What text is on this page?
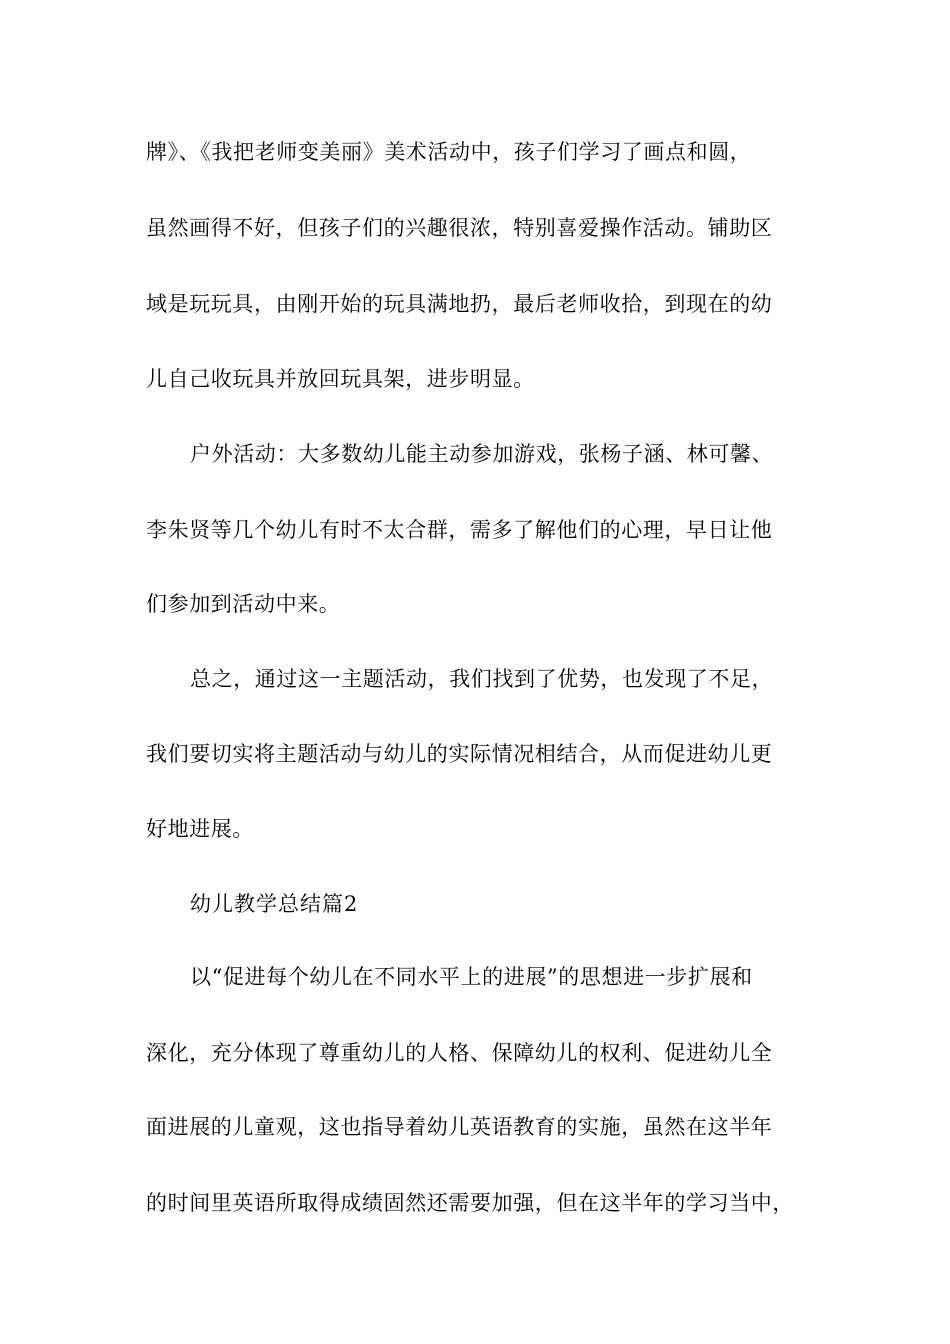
牌》、《我把老师变美丽》美术活动中，孩子们学习了画点和圆，
虽然画得不好，但孩子们的兴趣很浓，特别喜爱操作活动。铺助区
域是玩玩具，由刚开始的玩具满地扔，最后老师收拾，到现在的幼
儿自己收玩具并放回玩具架，进步明显。
户外活动：大多数幼儿能主动参加游戏，张杨子涵、林可馨、
李朱贤等几个幼儿有时不太合群，需多了解他们的心理，早日让他
们参加到活动中来。
总之，通过这一主题活动，我们找到了优势，也发现了不足，
我们要切实将主题活动与幼儿的实际情况相结合，从而促进幼儿更
好地进展。
幼儿教学总结篇2
以“促进每个幼儿在不同水平上的进展”的思想进一步扩展和
深化，充分体现了尊重幼儿的人格、保障幼儿的权利、促进幼儿全
面进展的儿童观，这也指导着幼儿英语教育的实施，虽然在这半年
的时间里英语所取得成绩固然还需要加强，但在这半年的学习当中，
